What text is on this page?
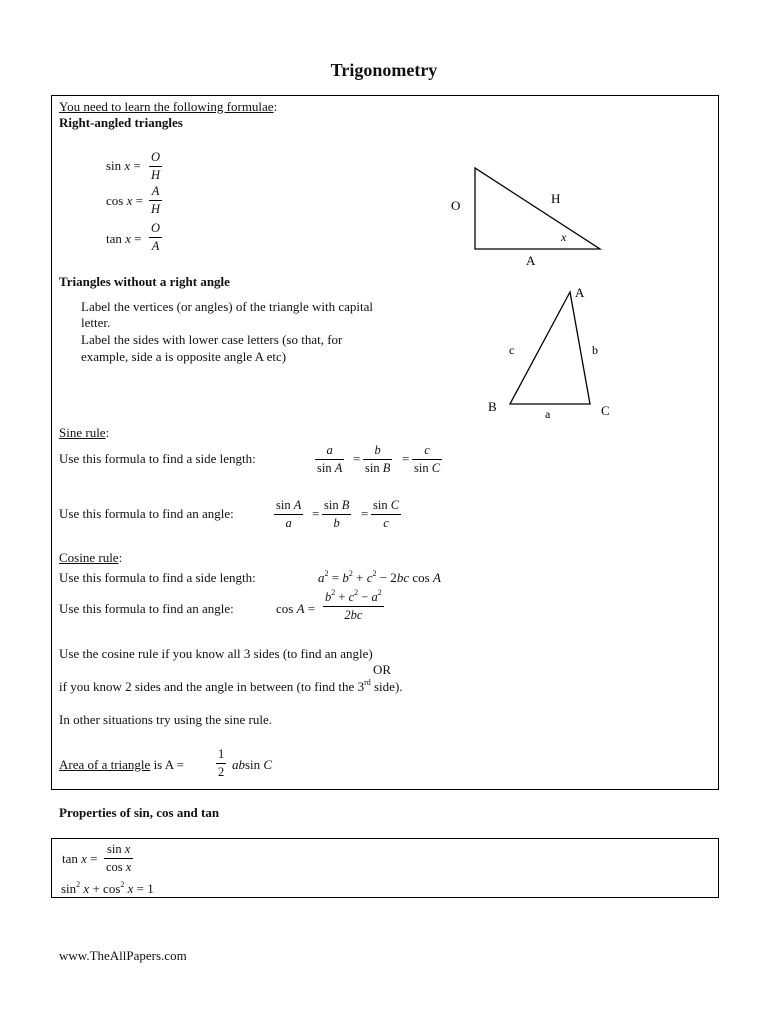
Trigonometry
You need to learn the following formulae:
Right-angled triangles
sin x =
O
H
cos x =
A
H
tan x =
O
A
O	H
A
x
Triangles without a right angle
Label the vertices (or angles) of the triangle with capital
letter.
Label the sides with lower case letters (so that, for
example, side a is opposite angle A etc)
A
B	C
a
b
c
Sine rule:
Use this formula to find a side length:
a
sin A
=
b
sin B
=
c
sin C
Use this formula to find an angle:
sin A
a
=
sin B
b
=
sin C
c
Cosine rule:
Use this formula to find a side length:	$a^2 = b^2 + c^2 - 2bc$ cos A
Use this formula to find an angle:	cos A =
$b^2 + c^2 - a^2$
2bc
Use the cosine rule if you know all 3 sides (to find an angle)
OR
if you know 2 sides and the angle in between (to find the 3rd side).
In other situations try using the sine rule.
Area of a triangle is A =
1
2 absin C
Properties of sin, cos and tan
tan x =
sin x
cos x
$\sin^2 x + \cos^2 x = 1$
www.TheAllPapers.com
